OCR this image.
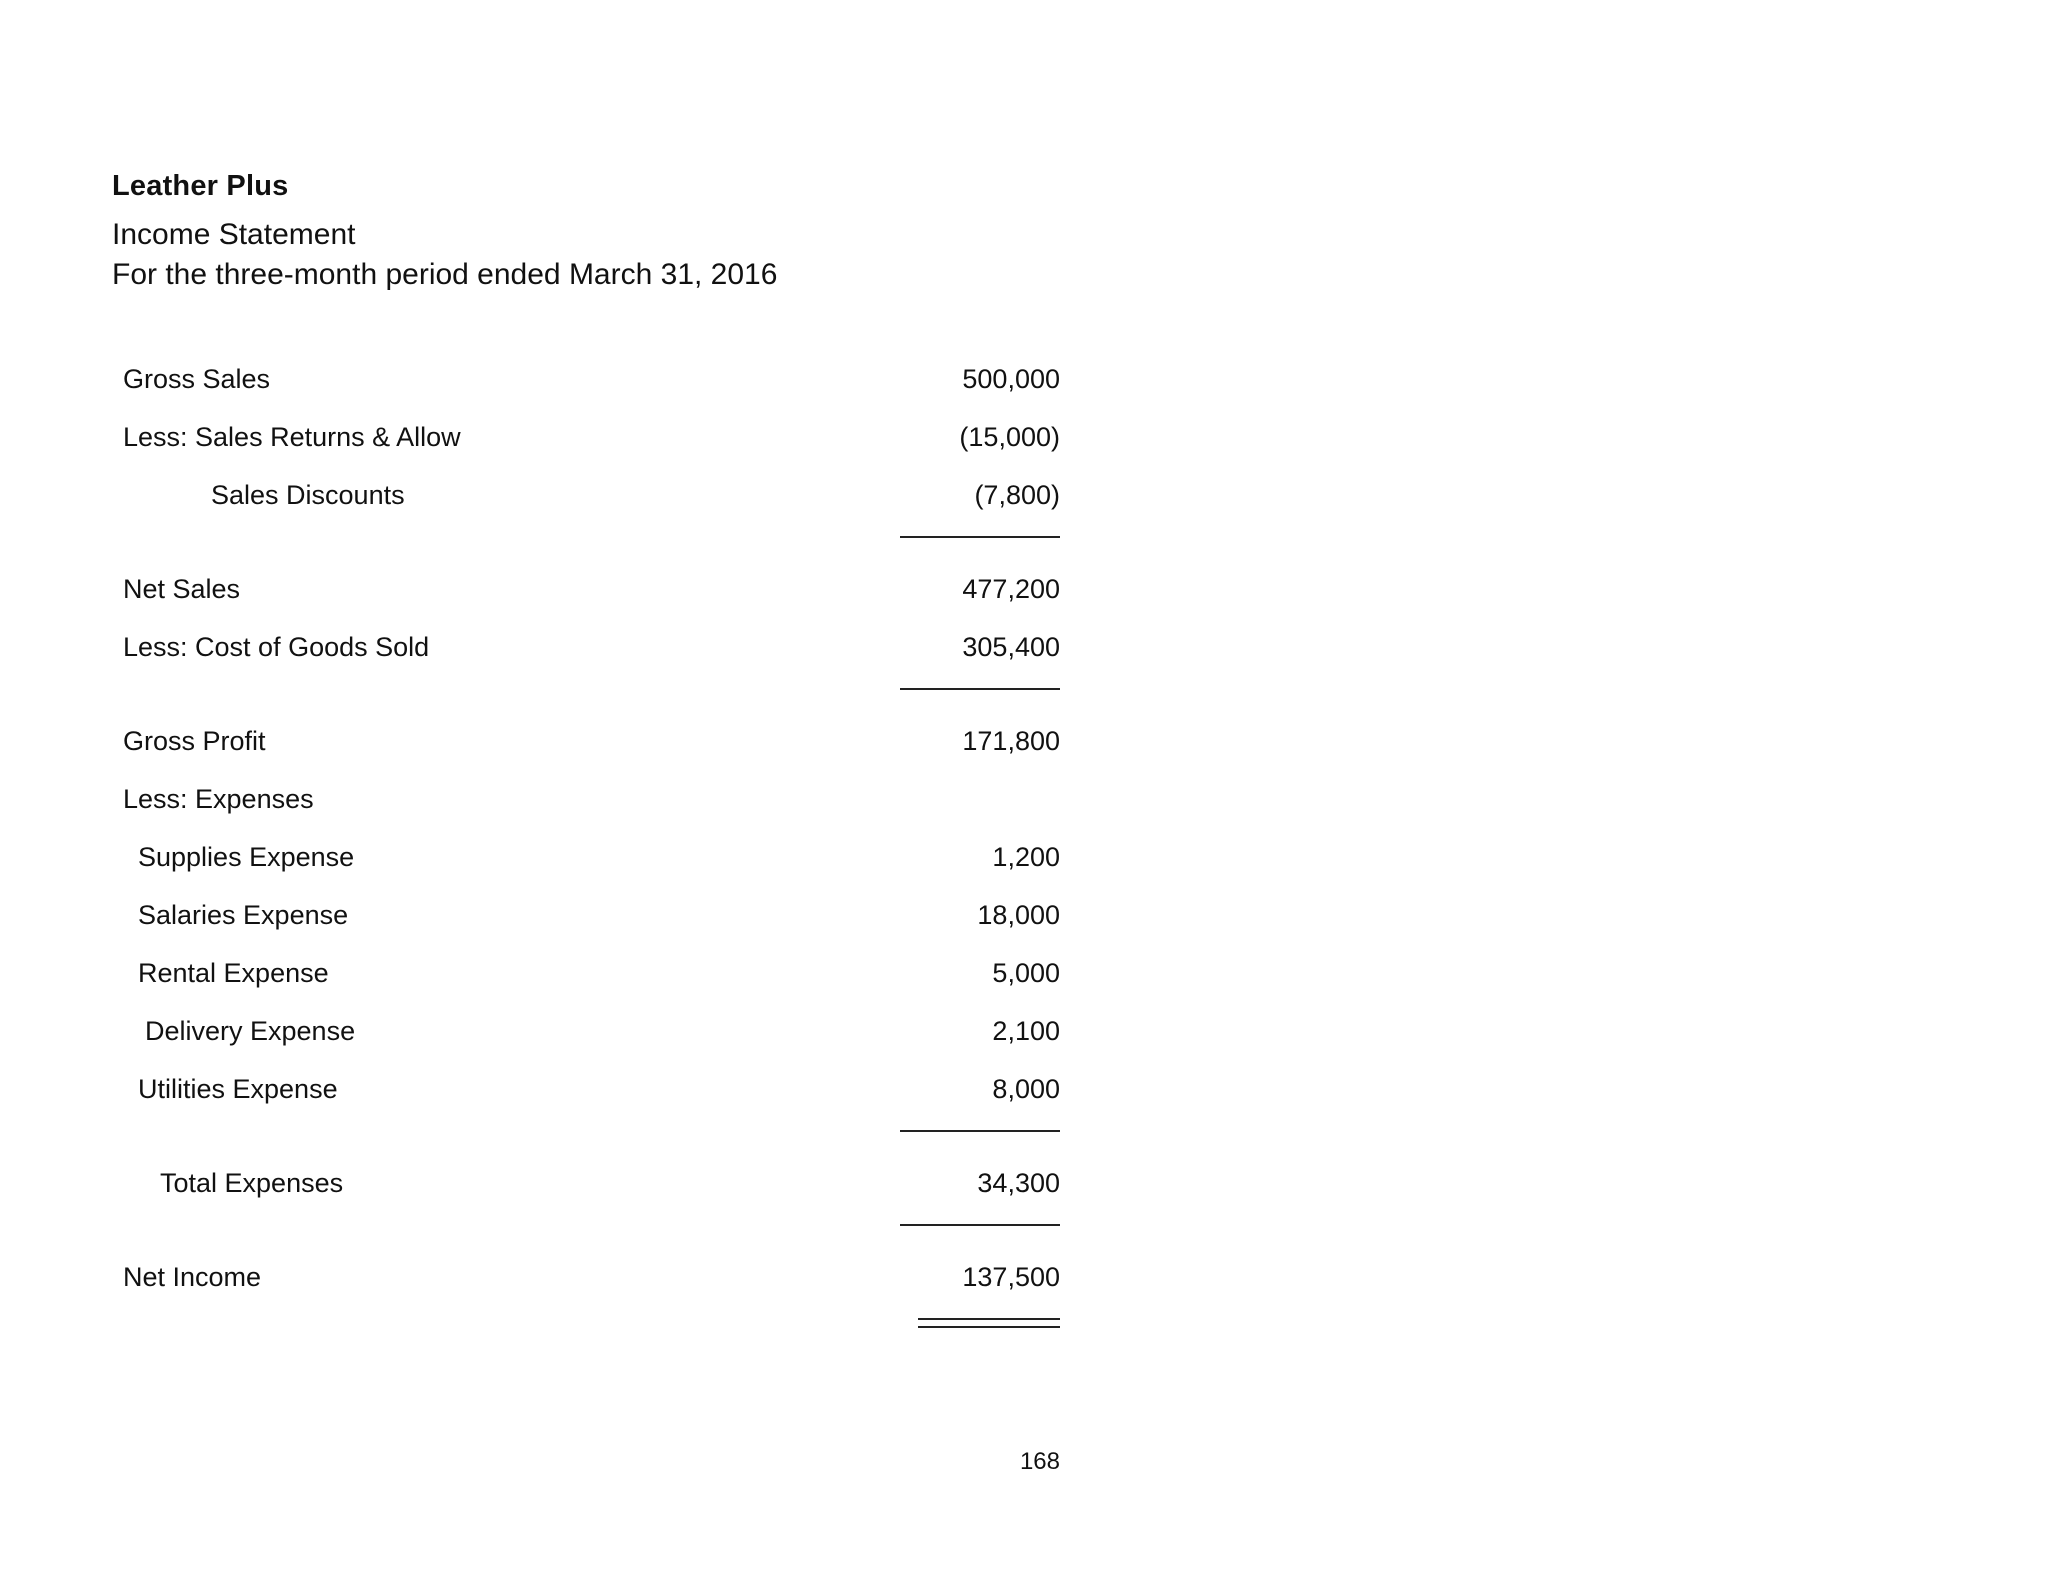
Leather Plus
Income Statement
For the three-month period ended March 31, 2016
Gross Sales	500,000
Less: Sales Returns & Allow	(15,000)
Sales Discounts	(7,800)
Net Sales	477,200
Less: Cost of Goods Sold	305,400
Gross Profit	171,800
Less: Expenses
Supplies Expense	1,200
Salaries Expense	18,000
Rental Expense	5,000
Delivery Expense	2,100
Utilities Expense	8,000
Total Expenses	34,300
Net Income	137,500
168
